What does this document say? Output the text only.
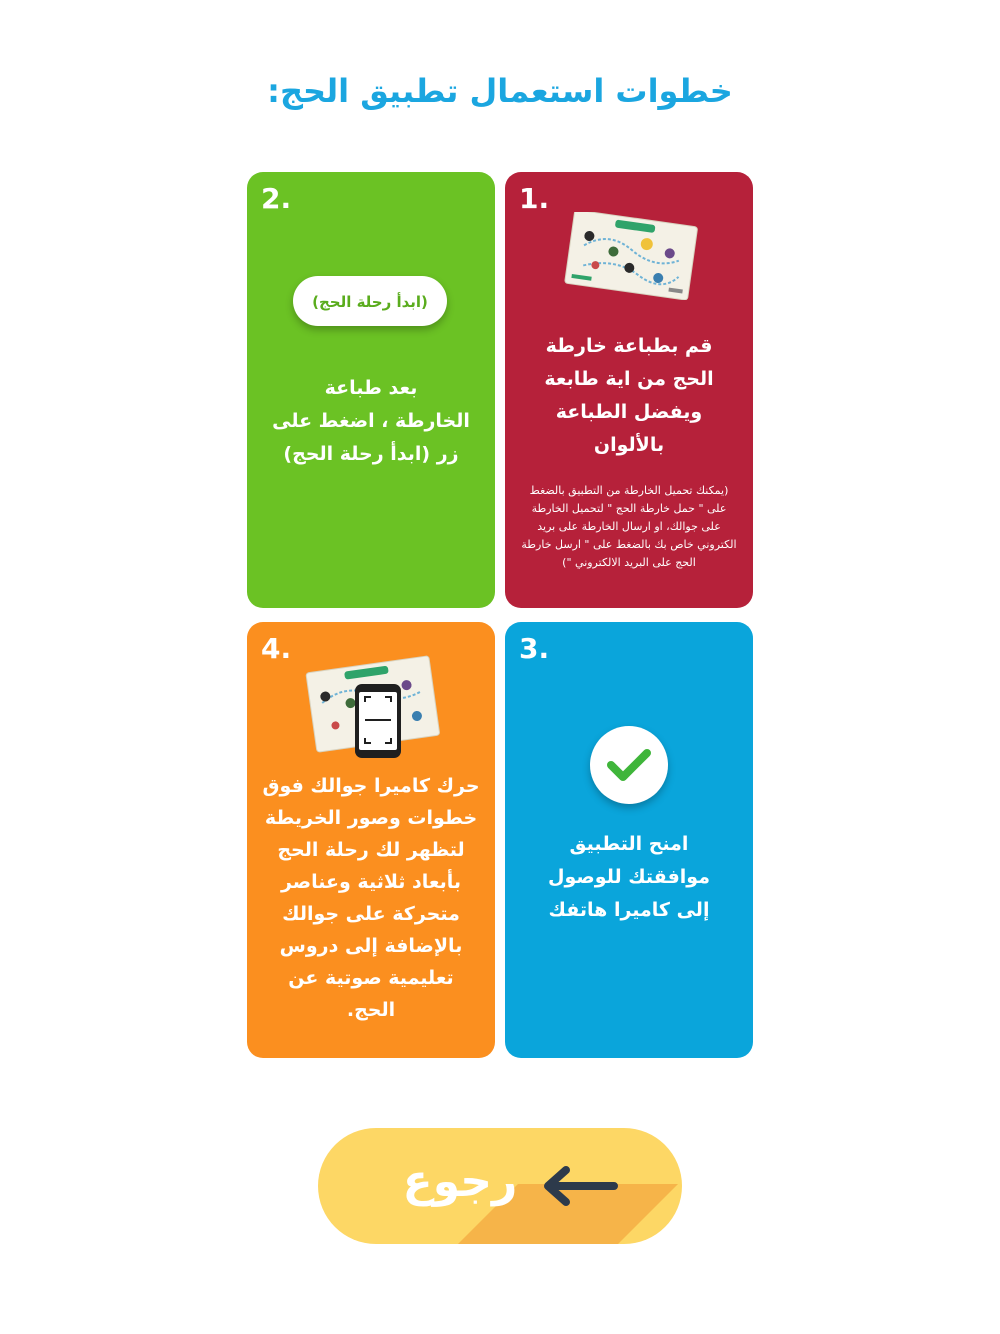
خطوات استعمال تطبيق الحج:
1.
قم بطباعة خارطة
الحج من اية طابعة
ويفضل الطباعة
بالألوان
(يمكنك تحميل الخارطة من التطبيق بالضغط
على " حمل خارطة الحج " لتحميل الخارطة
على جوالك، او ارسال الخارطة على بريد
الكتروني خاص بك بالضغط على " ارسل خارطة
الحج على البريد الالكتروني ")
2.
(ابدأ رحلة الحج)
بعد طباعة
الخارطة ، اضغط على
زر (ابدأ رحلة الحج)
3.
امنح التطبيق
موافقتك للوصول
إلى كاميرا هاتفك
4.
حرك كاميرا جوالك فوق
خطوات وصور الخريطة
لتظهر لك رحلة الحج
بأبعاد ثلاثية وعناصر
متحركة على جوالك
بالإضافة إلى دروس
تعليمية صوتية عن
الحج.
رجوع
